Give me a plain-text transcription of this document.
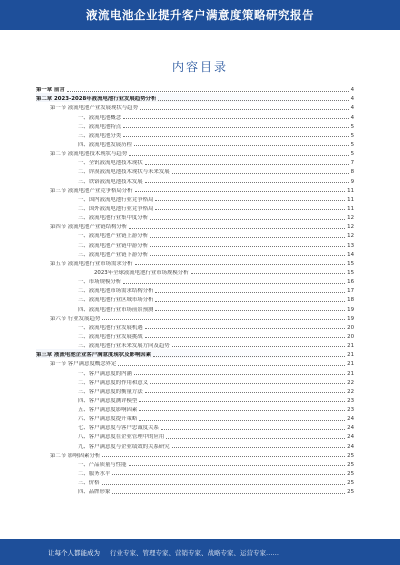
液流电池企业提升客户满意度策略研究报告
内容目录
第一章 前言	4
第二章 2023-2028年液流电池行业发展趋势分析	4
第一节 液流电池产业发展现状与趋势	4
一、液流电池概念	4
二、液流电池特点	5
三、液流电池分类	5
四、液流电池发展历程	5
第二节 液流电池技术现状与趋势	5
一、全钒液流电池技术现状	7
二、锌溴液流电池技术现状与未来发展	8
三、铁铬液流电池技术发展	9
第三节 液流电池产业竞争格局分析	11
一、国内液流电池行业竞争格局	11
二、国外液流电池行业竞争格局	11
三、液流电池行业集中度分析	12
第四节 液流电池产业链结构分析	12
一、液流电池产业链上游分析	12
二、液流电池产业链中游分析	13
三、液流电池产业链下游分析	14
第五节 液流电池行业市场需求分析	15
2023年全球液流电池行业市场规模分析	15
一、市场规模分析	16
二、液流电池市场需求结构分析	17
三、液流电池行业区域市场分析	18
四、液流电池行业市场前景预测	19
第六节 行业发展趋势	19
一、液流电池行业发展机遇	20
二、液流电池行业发展挑战	20
三、液流电池行业未来发展方向及趋势	21
第三章 液流电池企业客户满意度现状及影响因素	21
第一节 客户满意度概念界定	21
一、客户满意度的内涵	21
二、客户满意度的作用和意义	22
三、客户满意度的衡量方法	22
四、客户满意度测评模型	23
五、客户满意度影响因素	23
六、客户满意度提升策略	24
七、客户满意度与客户忠诚度关系	24
八、客户满意度在企业管理中的应用	24
九、客户满意度与企业绩效的关系研究	24
第二节 影响因素分析	25
一、产品质量与性能	25
二、服务水平	25
三、价格	25
四、品牌形象	25
让每个人都能成为 行业专家、管理专家、营销专家、战略专家、运营专家……
